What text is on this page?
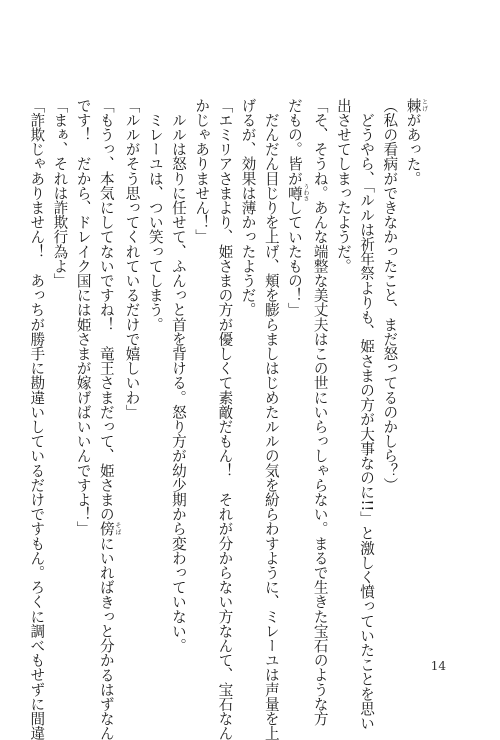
棘 とげがあった。
（私の看病ができなかったこと、まだ怒ってるのかしら？）
　どうやら、「ルルは祈年祭よりも、姫さまの方が大事なのに!!」と激しく憤っていたことを思い
出させてしまったようだ。
「そ、そうね。あんな端整な美丈夫はこの世にいらっしゃらない。まるで生きた宝石のような方
だもの。皆が噂 うわさしていたもの！」
　だんだん目じりを上げ、頬を膨らましはじめたルルの気を紛らわすように、ミレーユは声量を上
げるが、効果は薄かったようだ。
「エミリアさまより、姫さまの方が優しくて素敵だもん！　それが分からない方なんて、宝石なん
かじゃありません！」
　ルルは怒りに任せて、ふんっと首を背ける。怒り方が幼少期から変わっていない。
　ミレーユは、つい笑ってしまう。
「ルルがそう思ってくれているだけで嬉しいわ」
「もうっ、本気にしてないですね！　竜王さまだって、姫さまの傍 そばにいればきっと分かるはずなん
です！　だから、ドレイク国には姫さまが嫁げばいいんですよ！」
「まぁ、それは詐欺行為よ」
「詐欺じゃありません！　あっちが勝手に勘違いしているだけですもん。ろくに調べもせずに間違	14
